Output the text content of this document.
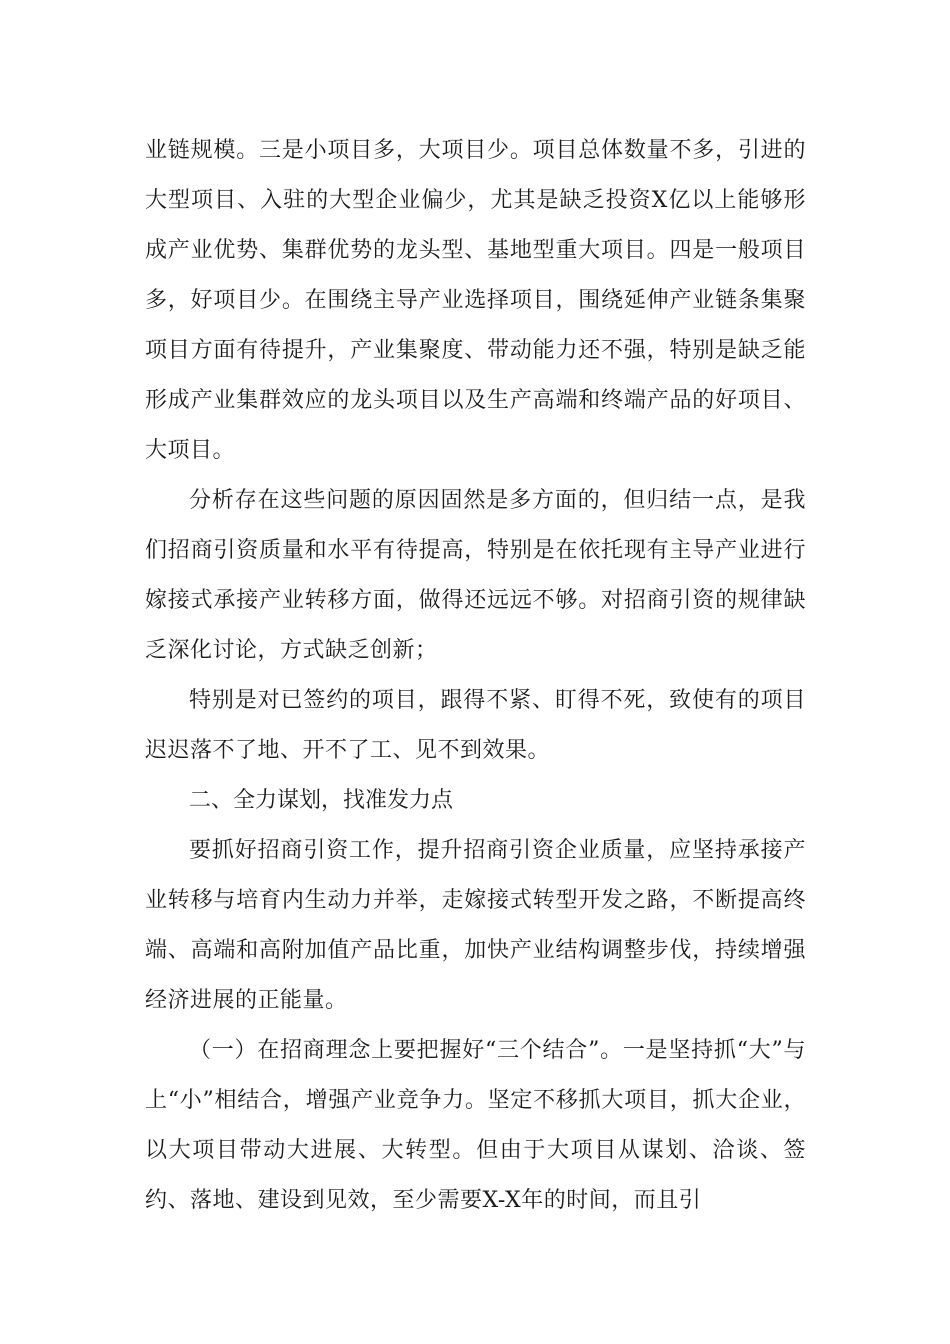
业链规模。三是小项目多，大项目少。项目总体数量不多，引进的大型项目、入驻的大型企业偏少，尤其是缺乏投资X亿以上能够形成产业优势、集群优势的龙头型、基地型重大项目。四是一般项目多，好项目少。在围绕主导产业选择项目，围绕延伸产业链条集聚项目方面有待提升，产业集聚度、带动能力还不强，特别是缺乏能形成产业集群效应的龙头项目以及生产高端和终端产品的好项目、大项目。

分析存在这些问题的原因固然是多方面的，但归结一点，是我们招商引资质量和水平有待提高，特别是在依托现有主导产业进行嫁接式承接产业转移方面，做得还远远不够。对招商引资的规律缺乏深化讨论，方式缺乏创新；

特别是对已签约的项目，跟得不紧、盯得不死，致使有的项目迟迟落不了地、开不了工、见不到效果。

二、全力谋划，找准发力点

要抓好招商引资工作，提升招商引资企业质量，应坚持承接产业转移与培育内生动力并举，走嫁接式转型开发之路，不断提高终端、高端和高附加值产品比重，加快产业结构调整步伐，持续增强经济进展的正能量。

（一）在招商理念上要把握好“三个结合”。一是坚持抓“大”与上“小”相结合，增强产业竞争力。坚定不移抓大项目，抓大企业，以大项目带动大进展、大转型。但由于大项目从谋划、洽谈、签约、落地、建设到见效，至少需要X-X年的时间，而且引
